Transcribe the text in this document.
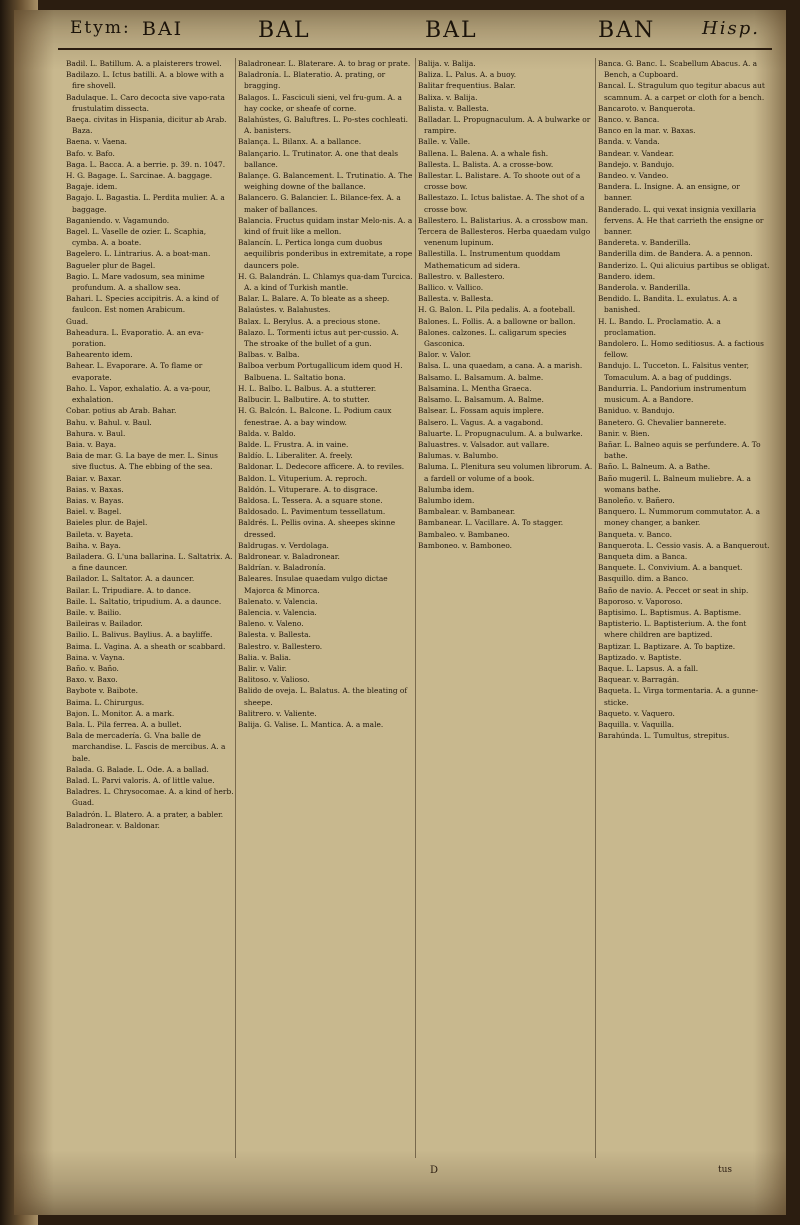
Etym: BAI	BAL	BAL	BAN	Hisp.

Badil. L. Batillum. A. a plaisterers trowel.

Badilazo. L. Ictus batilli. A. a blowe with a fire shovell.

Badulaque. L. Caro decocta sive vapo-rata frustulatim dissecta.

Baeça. civitas in Hispania, dicitur ab Arab. Baza.

Baena. v. Vaena.

Bafo. v. Bafo.

Baga. L. Bacca. A. a berrie. p. 39. n. 1047.

H. G. Bagage. L. Sarcinae. A. baggage.

Bagaje. idem.

Bagajo. L. Bagastia. L. Perdita mulier. A. a baggage.

Baganiendo. v. Vagamundo.

Bagel. L. Vaselle de ozier. L. Scaphia, cymba. A. a boate.

Bagelero. L. Lintrarius. A. a boat-man.

Bagueler plur de Bagel.

Bagio. L. Mare vadosum, sea minime profundum. A. a shallow sea.

Bahari. L. Species accipitris. A. a kind of faulcon. Est nomen Arabicum.

Guad.

Baheadura. L. Evaporatio. A. an eva-poration.

Bahearento idem.

Bahear. L. Evaporare. A. To flame or evaporate.

Baho. L. Vapor, exhalatio. A. a va-pour, exhalation.

Cobar. potius ab Arab. Bahar.

Bahu. v. Bahul. v. Baul.

Bahura. v. Baul.

Baia. v. Baya.

Baia de mar. G. La baye de mer. L. Sinus sive fluctus. A. The ebbing of the sea.

Baiar. v. Baxar.

Baias. v. Baxas.

Baias. v. Bayas.

Baiel. v. Bagel.

Baieles plur. de Bajel.

Baileta. v. Bayeta.

Baiha. v. Baya.

Bailadera. G. L'una ballarina. L. Saltatrix. A. a fine dauncer.

Bailador. L. Saltator. A. a dauncer.

Bailar. L. Tripudiare. A. to dance.

Baile. L. Saltatio, tripudium. A. a daunce.

Baile. v. Bailio.

Baileiras v. Bailador.

Bailio. L. Balivus. Baylius. A. a bayliffe.

Baima. L. Vagina. A. a sheath or scabbard.

Baina. v. Vayna.

Baño. v. Baño.

Baxo. v. Baxo.

Baybote v. Baibote.

Baima. L. Chirurgus.

Bajon. L. Monitor. A. a mark.

Bala. L. Pila ferrea. A. a bullet.

Bala de mercadería. G. Vna balle de marchandise. L. Fascis de mercibus. A. a bale.

Balada. G. Balade. L. Ode. A. a ballad.

Balad. L. Parvi valoris. A. of little value.

Baladres. L. Chrysocomae. A. a kind of herb. Guad.

Baladrón. L. Blatero. A. a prater, a babler.

Baladronear. v. Baldonar.

Baladronear. L. Blaterare. A. to brag or prate.

Baladronía. L. Blateratio. A. prating, or bragging.

Balagos. L. Fasciculi sieni, vel fru-gum. A. a hay cocke, or sheafe of corne.

Balahústes, G. Baluftres. L. Po-stes cochleati. A. banisters.

Balança. L. Bilanx. A. a ballance.

Balançario. L. Trutinator. A. one that deals ballance.

Balançe. G. Balancement. L. Trutinatio. A. The weighing downe of the ballance.

Balancero. G. Balancier. L. Bilance-fex. A. a maker of ballances.

Balancia. Fructus quidam instar Melo-nis. A. a kind of fruit like a mellon.

Balancín. L. Pertica longa cum duobus aequilibris ponderibus in extremitate, a rope dauncers pole.

H. G. Balandrán. L. Chlamys qua-dam Turcica. A. a kind of Turkish mantle.

Balar. L. Balare. A. To bleate as a sheep.

Balaústes. v. Balahustes.

Balax. L. Berylus. A. a precious stone.

Balazo. L. Tormenti ictus aut per-cussio. A. The stroake of the bullet of a gun.

Balbas. v. Balba.

Balboa verbum Portugallicum idem quod H. Balbuena. L. Saltatio bona.

H. L. Balbo. L. Balbus. A. a stutterer.

Balbucir. L. Balbutire. A. to stutter.

H. G. Balcón. L. Balcone. L. Podium caux fenestrae. A. a bay window.

Balda. v. Baldo.

Balde. L. Frustra. A. in vaine.

Baldío. L. Liberaliter. A. freely.

Baldonar. L. Dedecore afficere. A. to reviles.

Baldon. L. Vituperium. A. reproch.

Baldón. L. Vituperare. A. to disgrace.

Baldosa. L. Tessera. A. a square stone.

Baldosado. L. Pavimentum tessellatum.

Baldrés. L. Pellis ovina. A. sheepes skinne dressed.

Baldrugas. v. Verdolaga.

Baldronear. v. Baladronear.

Baldrían. v. Baladronía.

Baleares. Insulae quaedam vulgo dictae Majorca & Minorca.

Balenato. v. Valencia.

Balencia. v. Valencia.

Baleno. v. Valeno.

Balesta. v. Ballesta.

Balestro. v. Ballestero.

Balia. v. Balia.

Balir. v. Valir.

Balitoso. v. Valioso.

Balido de oveja. L. Balatus. A. the bleating of sheepe.

Balitrero. v. Valiente.

Balija. G. Valise. L. Mantica. A. a male.

Balija. v. Balija.

Baliza. L. Palus. A. a buoy.

Balitar frequentius. Balar.

Balixa. v. Balija.

Balista. v. Ballesta.

Balladar. L. Propugnaculum. A. A bulwarke or rampire.

Balle. v. Valle.

Ballena. L. Balena. A. a whale fish.

Ballesta. L. Balista. A. a crosse-bow.

Ballestar. L. Balistare. A. To shoote out of a crosse bow.

Ballestazo. L. Ictus balistae. A. The shot of a crosse bow.

Ballestero. L. Balistarius. A. a crossbow man.

Tercera de Ballesteros. Herba quaedam vulgo venenum lupinum.

Ballestilla. L. Instrumentum quoddam Mathematicum ad sidera.

Ballestro. v. Ballestero.

Ballico. v. Vallico.

Ballesta. v. Ballesta.

H. G. Balon. L. Pila pedalis. A. a footeball.

Balones. L. Follis. A. a ballowne or ballon.

Balones. calzones. L. caligarum species Gasconica.

Balor. v. Valor.

Balsa. L. una quaedam, a cana. A. a marish.

Balsamo. L. Balsamum. A. balme.

Balsamina. L. Mentha Graeca.

Balsamo. L. Balsamum. A. Balme.

Balsear. L. Fossam aquis implere.

Balsero. L. Vagus. A. a vagabond.

Baluarte. L. Propugnaculum. A. a bulwarke.

Baluastres. v. Valsador. aut vallare.

Balumas. v. Balumbo.

Baluma. L. Plenitura seu volumen librorum. A. a fardell or volume of a book.

Balumba idem.

Balumbo idem.

Bambalear. v. Bambanear.

Bambanear. L. Vacillare. A. To stagger.

Bambaleo. v. Bambaneo.

Bamboneo. v. Bamboneo.

Banca. G. Banc. L. Scabellum Abacus. A. a Bench, a Cupboard.

Bancal. L. Stragulum quo tegitur abacus aut scamnum. A. a carpet or cloth for a bench.

Bancaroto. v. Banquerota.

Banco. v. Banca.

Banco en la mar. v. Baxas.

Banda. v. Vanda.

Bandear. v. Vandear.

Bandejo. v. Bandujo.

Bandeo. v. Vandeo.

Bandera. L. Insigne. A. an ensigne, or banner.

Banderado. L. qui vexat insignia vexillaria fervens. A. He that carrieth the ensigne or banner.

Bandereta. v. Banderilla.

Banderilla dim. de Bandera. A. a pennon.

Banderizo. L. Qui alicuius partibus se obligat.

Bandero. idem.

Banderola. v. Banderilla.

Bendido. L. Bandita. L. exulatus. A. a banished.

H. L. Bando. L. Proclamatio. A. a proclamation.

Bandolero. L. Homo seditiosus. A. a factious fellow.

Bandujo. L. Tucceton. L. Falsitus venter, Tomaculum. A. a bag of puddings.

Bandurria. L. Pandorium instrumentum musicum. A. a Bandore.

Baniduo. v. Bandujo.

Banetero. G. Chevalier bannerete.

Banir. v. Bien.

Bañar. L. Balneo aquis se perfundere. A. To bathe.

Baño. L. Balneum. A. a Bathe.

Baño mugeril. L. Balneum muliebre. A. a womans bathe.

Banoleño. v. Bañero.

Banquero. L. Nummorum commutator. A. a money changer, a banker.

Banqueta. v. Banco.

Banquerota. L. Cessio vasis. A. a Banquerout.

Banqueta dim. a Banca.

Banquete. L. Convivium. A. a banquet.

Basquillo. dim. a Banco.

Baño de navio. A. Peccet or seat in ship.

Baporoso. v. Vaporoso.

Baptisimo. L. Baptismus. A. Baptisme.

Baptisterio. L. Baptisterium. A. the font where children are baptized.

Baptizar. L. Baptizare. A. To baptize.

Baptizado. v. Baptiste.

Baque. L. Lapsus. A. a fall.

Baquear. v. Barragán.

Baqueta. L. Virga tormentaria. A. a gunne-sticke.

Baqueto. v. Vaquero.

Baquilla. v. Vaquilla.

Barahúnda. L. Tumultus, strepitus.

D	tus
